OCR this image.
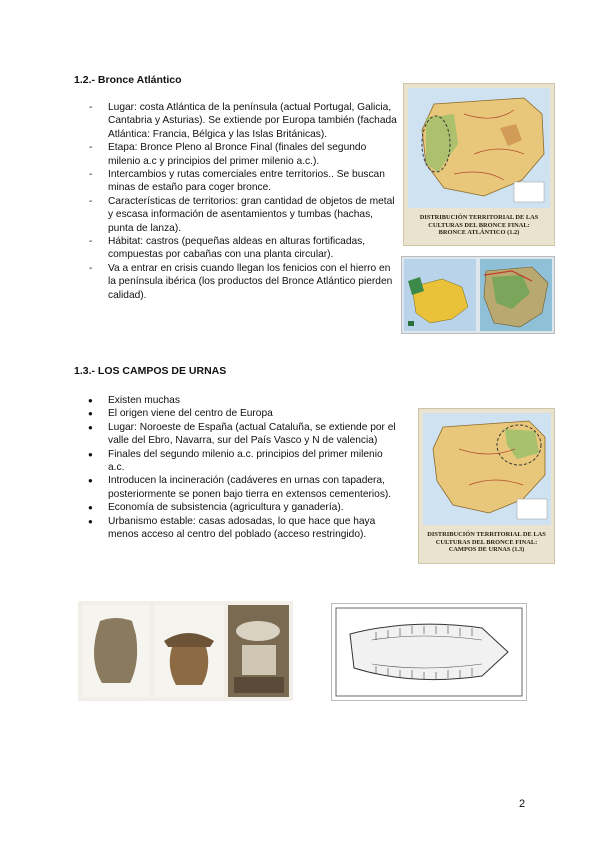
1.2.- Bronce Atlántico
- Lugar: costa Atlántica de la península (actual Portugal, Galicia, Cantabria y Asturias). Se extiende por Europa también (fachada Atlántica: Francia, Bélgica y las Islas Británicas).
- Etapa: Bronce Pleno al Bronce Final (finales del segundo milenio a.c y principios del primer milenio a.c.).
- Intercambios y rutas comerciales entre territorios.. Se buscan minas de estaño para coger bronce.
- Características de territorios: gran cantidad de objetos de metal y escasa información de asentamientos y tumbas (hachas, punta de lanza).
- Hábitat: castros (pequeñas aldeas en alturas fortificadas, compuestas por cabañas con una planta circular).
- Va a entrar en crisis cuando llegan los fenicios con el hierro en la península ibérica (los productos del Bronce Atlántico pierden calidad).
DISTRIBUCIÓN TERRITORIAL DE LAS
CULTURAS DEL BRONCE FINAL:
BRONCE ATLÁNTICO (1.2)
1.3.- LOS CAMPOS DE URNAS
● Existen muchas
● El origen viene del centro de Europa
● Lugar: Noroeste de España (actual Cataluña, se extiende por el valle del Ebro, Navarra, sur del País Vasco y N de valencia)
● Finales del segundo milenio a.c. principios del primer milenio a.c.
● Introducen la incineración (cadáveres en urnas con tapadera, posteriormente se ponen bajo tierra en extensos cementerios).
● Economía de subsistencia (agricultura y ganadería).
● Urbanismo estable: casas adosadas, lo que hace que haya menos acceso al centro del poblado (acceso restringido).	DISTRIBUCIÓN TERRITORIAL DE LAS
CULTURAS DEL BRONCE FINAL:
CAMPOS DE URNAS (1.3)
2
